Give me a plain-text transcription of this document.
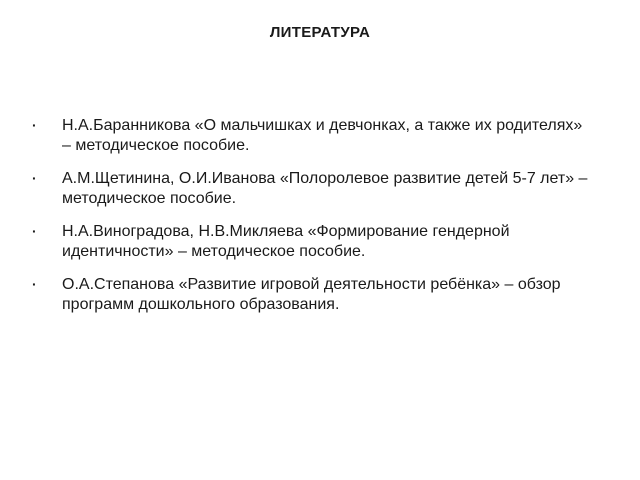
ЛИТЕРАТУРА
·	Н.А.Баранникова «О мальчишках и девчонках, а также их родителях» – методическое пособие.
·	А.М.Щетинина, О.И.Иванова «Полоролевое развитие детей 5-7 лет» – методическое пособие.
·	Н.А.Виноградова, Н.В.Микляева «Формирование гендерной идентичности» – методическое пособие.
·	О.А.Степанова «Развитие игровой деятельности ребёнка» – обзор программ дошкольного образования.
